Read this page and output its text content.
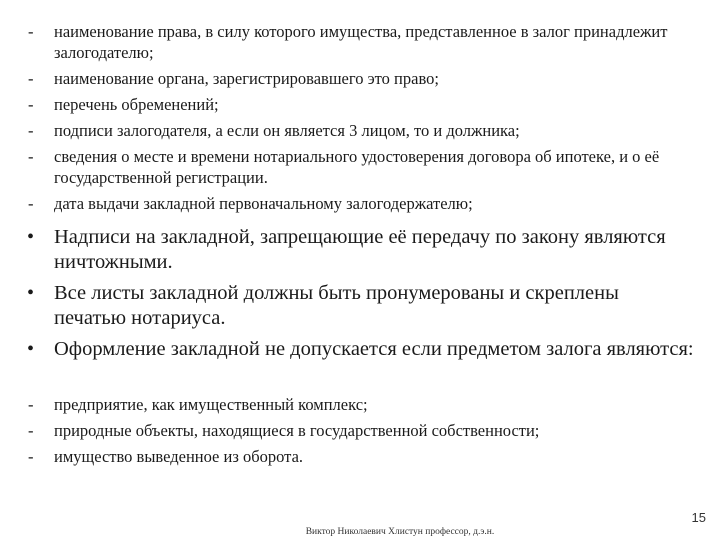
- наименование права, в силу которого имущества, представленное в залог принадлежит залогодателю;
- наименование органа, зарегистрировавшего это право;
- перечень обременений;
- подписи залогодателя, а если он является 3 лицом, то и должника;
- сведения о месте и времени нотариального удостоверения договора об ипотеке, и о её государственной регистрации.
- дата выдачи закладной первоначальному залогодержателю;
• Надписи на закладной, запрещающие её передачу по закону являются ничтожными.
• Все листы закладной должны быть пронумерованы и скреплены печатью нотариуса.
• Оформление закладной не допускается если предметом залога являются:
- предприятие, как имущественный комплекс;
- природные объекты, находящиеся в государственной собственности;
- имущество выведенное из оборота.
15
Виктор Николаевич Хлистун профессор, д.э.н.
